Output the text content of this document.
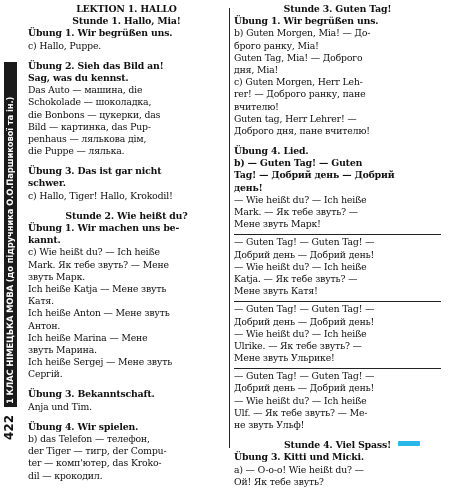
422
LEKTION 1. HALLO
Stunde 1. Hallo, Mia!
Übung 1. Wir begrüßen uns.
c) Hallo, Puppe.
Übung 2. Sieh das Bild an!
Sag, was du kennst.
Das Auto — машина, die
Schokolade — шоколадка,
die Bonbons — цукерки, das
Bild — картинка, das Pup-
penhaus — лялькова дім,
die Puppe — лялька.
Übung 3. Das ist gar nicht
schwer.
c) Hallo, Tiger! Hallo, Krokodil!
Stunde 2. Wie heißt du?
Übung 1. Wir machen uns be-
kannt.
c) Wie heißt du? — Ich heiße
Mark. Як тебе звуть? — Мене
звуть Марк.
Ich heiße Katja — Мене звуть
Катя.
Ich heiße Anton — Мене звуть
Антон.
Ich heiße Marina — Мене
звуть Марина.
Ich heiße Sergej — Мене звуть
Сергій.
Übung 3. Bekanntschaft.
Anja und Tim.
Übung 4. Wir spielen.
b) das Telefon — телефон,
der Tiger — тигр, der Compu-
ter — комп'ютер, das Kroko-
dil — крокодил.
Stunde 3. Guten Tag!
Übung 1. Wir begrüßen uns.
b) Guten Morgen, Mia! — До-
брого ранку, Mia!
Guten Tag, Mia! — Доброго
дня, Mia!
c) Guten Morgen, Herr Leh-
rer! — Доброго ранку, пане
вчителю!
Guten tag, Herr Lehrer! —
Доброго дня, пане вчителю!
Übung 4. Lied.
b) — Guten Tag! — Guten
Tag! — Добрий день — Добрий
день!
— Wie heißt du? — Ich heiße
Mark. — Як тебе звуть? —
Мене звуть Марк!
— Guten Tag! — Guten Tag! —
Добрий день — Добрий день!
— Wie heißt du? — Ich heiße
Katja. — Як тебе звуть? —
Мене звуть Катя!
— Guten Tag! — Guten Tag! —
Добрий день — Добрий день!
— Wie heißt du? — Ich heiße
Ulrike. — Як тебе звуть? —
Мене звуть Ульрике!
— Guten Tag! — Guten Tag! —
Добрий день — Добрий день!
— Wie heißt du? — Ich heiße
Ulf. — Як тебе звуть? — Ме-
не звуть Ульф!
Stunde 4. Viel Spass!
Übung 3. Kitti und Micki.
a) — O-o-o! Wie heißt du? —
Ой! Як тебе звуть?
